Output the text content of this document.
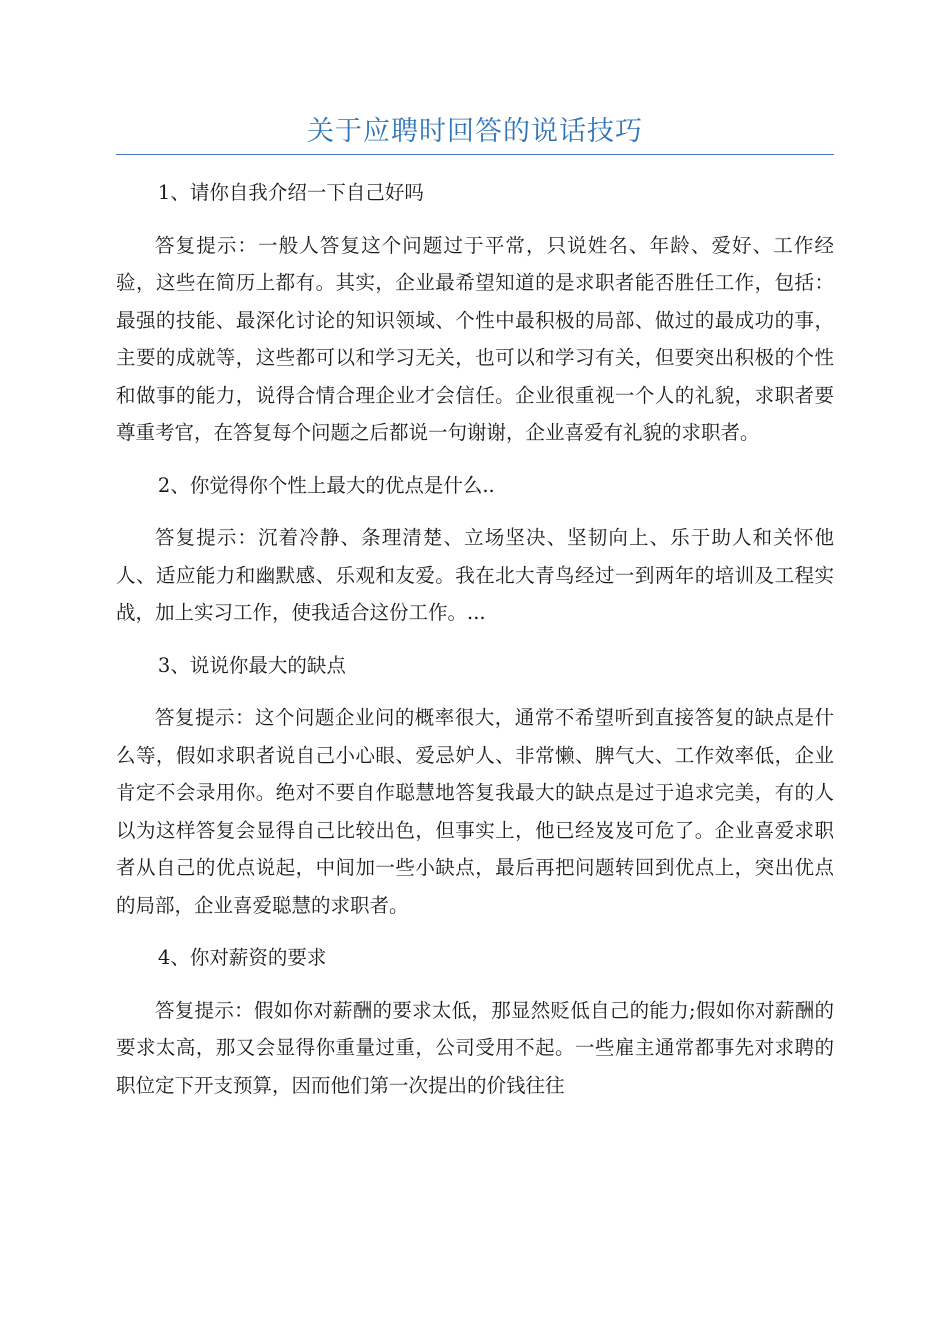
关于应聘时回答的说话技巧

1、请你自我介绍一下自己好吗

答复提示：一般人答复这个问题过于平常，只说姓名、年龄、爱好、工作经验，这些在简历上都有。其实，企业最希望知道的是求职者能否胜任工作，包括：最强的技能、最深化讨论的知识领域、个性中最积极的局部、做过的最成功的事，主要的成就等，这些都可以和学习无关，也可以和学习有关，但要突出积极的个性和做事的能力，说得合情合理企业才会信任。企业很重视一个人的礼貌，求职者要尊重考官，在答复每个问题之后都说一句谢谢，企业喜爱有礼貌的求职者。

2、你觉得你个性上最大的优点是什么..

答复提示：沉着冷静、条理清楚、立场坚决、坚韧向上、乐于助人和关怀他人、适应能力和幽默感、乐观和友爱。我在北大青鸟经过一到两年的培训及工程实战，加上实习工作，使我适合这份工作。...

3、说说你最大的缺点

答复提示：这个问题企业问的概率很大，通常不希望听到直接答复的缺点是什么等，假如求职者说自己小心眼、爱忌妒人、非常懒、脾气大、工作效率低，企业肯定不会录用你。绝对不要自作聪慧地答复我最大的缺点是过于追求完美，有的人以为这样答复会显得自己比较出色，但事实上，他已经岌岌可危了。企业喜爱求职者从自己的优点说起，中间加一些小缺点，最后再把问题转回到优点上，突出优点的局部，企业喜爱聪慧的求职者。

4、你对薪资的要求

答复提示：假如你对薪酬的要求太低，那显然贬低自己的能力;假如你对薪酬的要求太高，那又会显得你重量过重，公司受用不起。一些雇主通常都事先对求聘的职位定下开支预算，因而他们第一次提出的价钱往往
